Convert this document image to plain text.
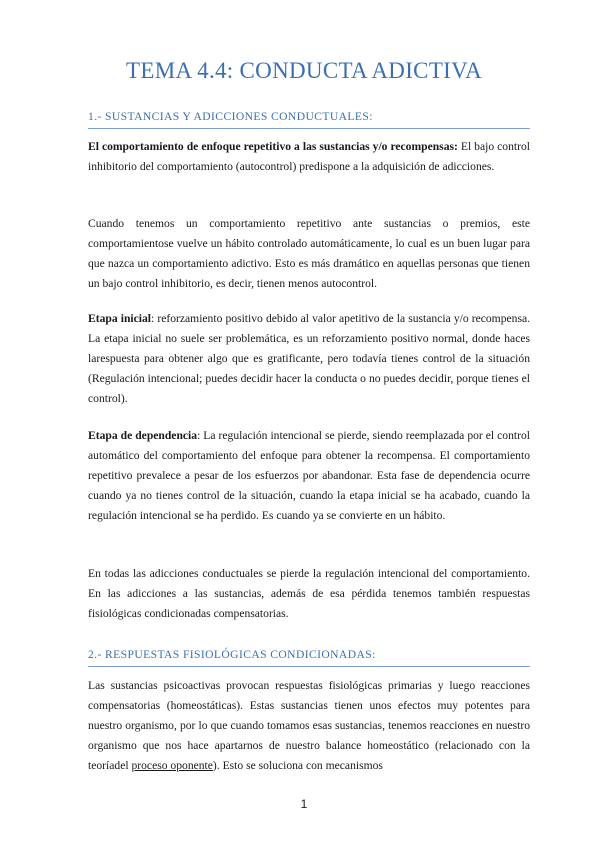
TEMA 4.4: CONDUCTA ADICTIVA
1.- SUSTANCIAS Y ADICCIONES CONDUCTUALES:

El comportamiento de enfoque repetitivo a las sustancias y/o recompensas: El bajo control inhibitorio del comportamiento (autocontrol) predispone a la adquisición de adicciones.

Cuando tenemos un comportamiento repetitivo ante sustancias o premios, este comportamientose vuelve un hábito controlado automáticamente, lo cual es un buen lugar para que nazca un comportamiento adictivo. Esto es más dramático en aquellas personas que tienen un bajo control inhibitorio, es decir, tienen menos autocontrol.

Etapa inicial: reforzamiento positivo debido al valor apetitivo de la sustancia y/o recompensa. La etapa inicial no suele ser problemática, es un reforzamiento positivo normal, donde haces larespuesta para obtener algo que es gratificante, pero todavía tienes control de la situación (Regulación intencional; puedes decidir hacer la conducta o no puedes decidir, porque tienes el control).

Etapa de dependencia: La regulación intencional se pierde, siendo reemplazada por el control automático del comportamiento del enfoque para obtener la recompensa. El comportamiento repetitivo prevalece a pesar de los esfuerzos por abandonar. Esta fase de dependencia ocurre cuando ya no tienes control de la situación, cuando la etapa inicial se ha acabado, cuando la regulación intencional se ha perdido. Es cuando ya se convierte en un hábito.

En todas las adicciones conductuales se pierde la regulación intencional del comportamiento. En las adicciones a las sustancias, además de esa pérdida tenemos también respuestas fisiológicas condicionadas compensatorias.

2.- RESPUESTAS FISIOLÓGICAS CONDICIONADAS:

Las sustancias psicoactivas provocan respuestas fisiológicas primarias y luego reacciones compensatorias (homeostáticas). Estas sustancias tienen unos efectos muy potentes para nuestro organismo, por lo que cuando tomamos esas sustancias, tenemos reacciones en nuestro organismo que nos hace apartarnos de nuestro balance homeostático (relacionado con la teoríadel proceso oponente). Esto se soluciona con mecanismos

1
